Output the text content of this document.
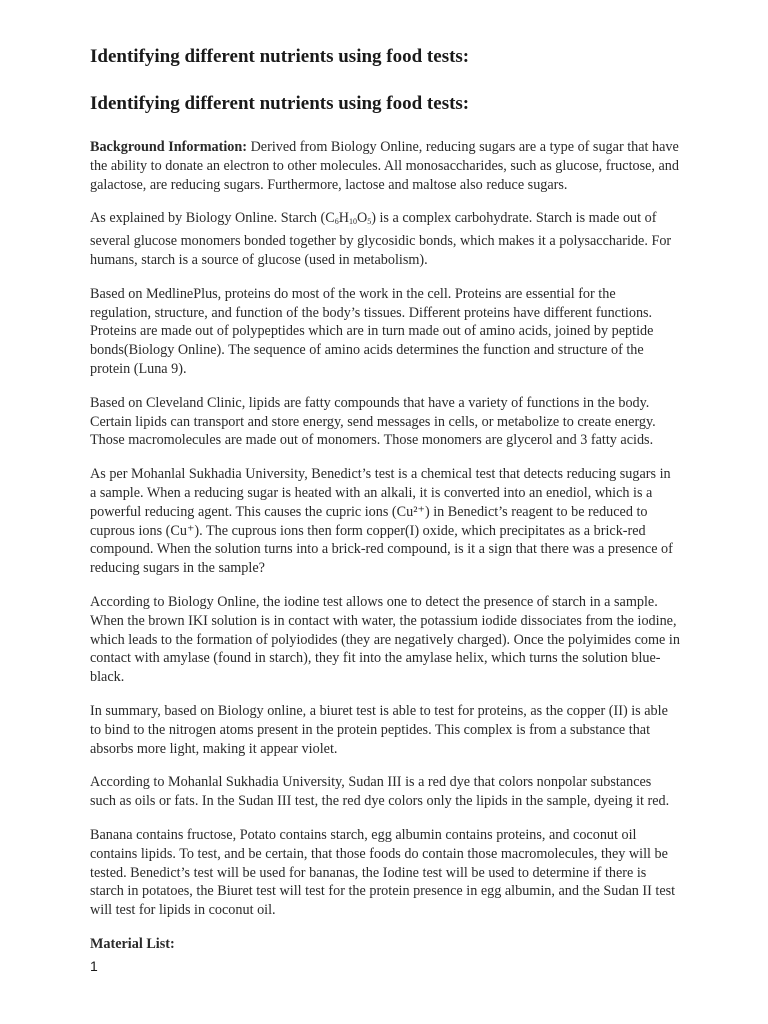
Identifying different nutrients using food tests:
Identifying different nutrients using food tests:

Background Information: Derived from Biology Online, reducing sugars are a type of sugar that have the ability to donate an electron to other molecules. All monosaccharides, such as glucose, fructose, and galactose, are reducing sugars. Furthermore, lactose and maltose also reduce sugars.

As explained by Biology Online. Starch $(C_6H_{10}O_5)$ is a complex carbohydrate. Starch is made out of several glucose monomers bonded together by glycosidic bonds, which makes it a polysaccharide. For humans, starch is a source of glucose (used in metabolism).

Based on MedlinePlus, proteins do most of the work in the cell. Proteins are essential for the regulation, structure, and function of the body’s tissues. Different proteins have different functions. Proteins are made out of polypeptides which are in turn made out of amino acids, joined by peptide bonds(Biology Online). The sequence of amino acids determines the function and structure of the protein (Luna 9).

Based on Cleveland Clinic, lipids are fatty compounds that have a variety of functions in the body. Certain lipids can transport and store energy, send messages in cells, or metabolize to create energy. Those macromolecules are made out of monomers. Those monomers are glycerol and 3 fatty acids.

As per Mohanlal Sukhadia University, Benedict’s test is a chemical test that detects reducing sugars in a sample. When a reducing sugar is heated with an alkali, it is converted into an enediol, which is a powerful reducing agent. This causes the cupric ions (Cu²⁺) in Benedict’s reagent to be reduced to cuprous ions (Cu⁺). The cuprous ions then form copper(I) oxide, which precipitates as a brick-red compound. When the solution turns into a brick-red compound, is it a sign that there was a presence of reducing sugars in the sample?

According to Biology Online, the iodine test allows one to detect the presence of starch in a sample. When the brown IKI solution is in contact with water, the potassium iodide dissociates from the iodine, which leads to the formation of polyiodides (they are negatively charged). Once the polyimides come in contact with amylase (found in starch), they fit into the amylase helix, which turns the solution blue-black.

In summary, based on Biology online, a biuret test is able to test for proteins, as the copper (II) is able to bind to the nitrogen atoms present in the protein peptides. This complex is from a substance that absorbs more light, making it appear violet.

According to Mohanlal Sukhadia University, Sudan III is a red dye that colors nonpolar substances such as oils or fats. In the Sudan III test, the red dye colors only the lipids in the sample, dyeing it red.

Banana contains fructose, Potato contains starch, egg albumin contains proteins, and coconut oil contains lipids. To test, and be certain, that those foods do contain those macromolecules, they will be tested. Benedict’s test will be used for bananas, the Iodine test will be used to determine if there is starch in potatoes, the Biuret test will test for the protein presence in egg albumin, and the Sudan II test will test for lipids in coconut oil.

Material List:
1
